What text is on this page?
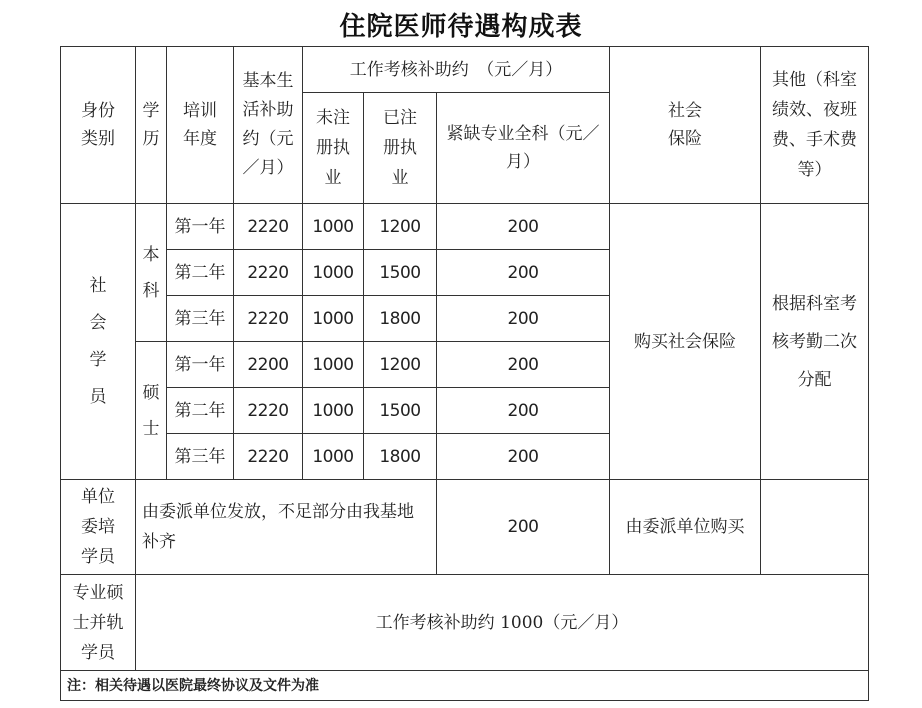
住院医师待遇构成表
身份类别	学历	培训年度	基本生活补助约（元／月）	工作考核补助约　（元／月）			社会保险	其他（科室绩效、夜班费、手术费等）
				未注册执业	已注册执业	紧缺专业全科（元／月）		
社会学员	本科	第一年	2220	1000	1200	200	购买社会保险	根据科室考核考勤二次分配
		第二年	2220	1000	1500	200		
		第三年	2220	1000	1800	200		
	硕士	第一年	2200	1000	1200	200		
		第二年	2220	1000	1500	200		
		第三年	2220	1000	1800	200		
单位委培学员	由委派单位发放，不足部分由我基地补齐					200	由委派单位购买	
专业硕士并轨学员	工作考核补助约 1000（元／月）							
注：相关待遇以医院最终协议及文件为准								
